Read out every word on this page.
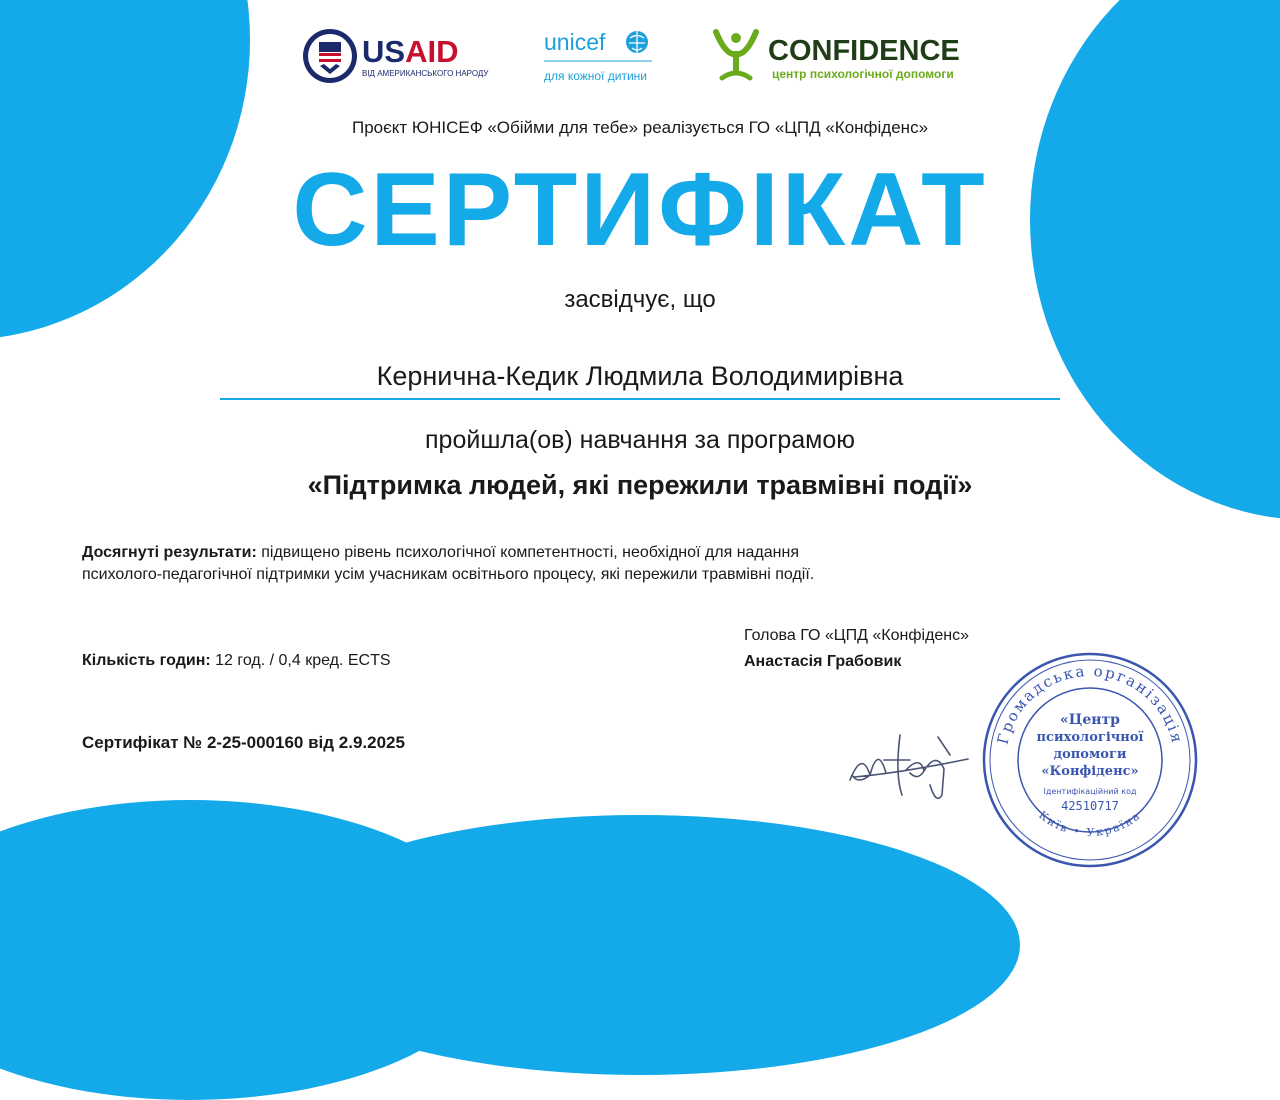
USAID
ВІД АМЕРИКАНСЬКОГО НАРОДУ
unicef
для кожної дитини
CONFIDENCE
центр психологічної допомоги
Проєкт ЮНІСЕФ «Обійми для тебе» реалізується ГО «ЦПД «Конфіденс»
СЕРТИФІКАТ
засвідчує, що
Кернична-Кедик Людмила Володимирівна
пройшла(ов) навчання за програмою
«Підтримка людей, які пережили травмівні події»
Досягнуті результати: підвищено рівень психологічної компетентності, необхідної для надання
психолого-педагогічної підтримки усім учасникам освітнього процесу, які пережили травмівні події.
Кількість годин: 12 год. / 0,4 кред. ECTS
Сертифікат № 2-25-000160 від 2.9.2025
Голова ГО «ЦПД «Конфіденс»
Анастасія Грабовик
Громадська організація
Київ • Україна
«Центр
психологічної
допомоги
«Конфіденс»
Ідентифікаційний код
42510717
